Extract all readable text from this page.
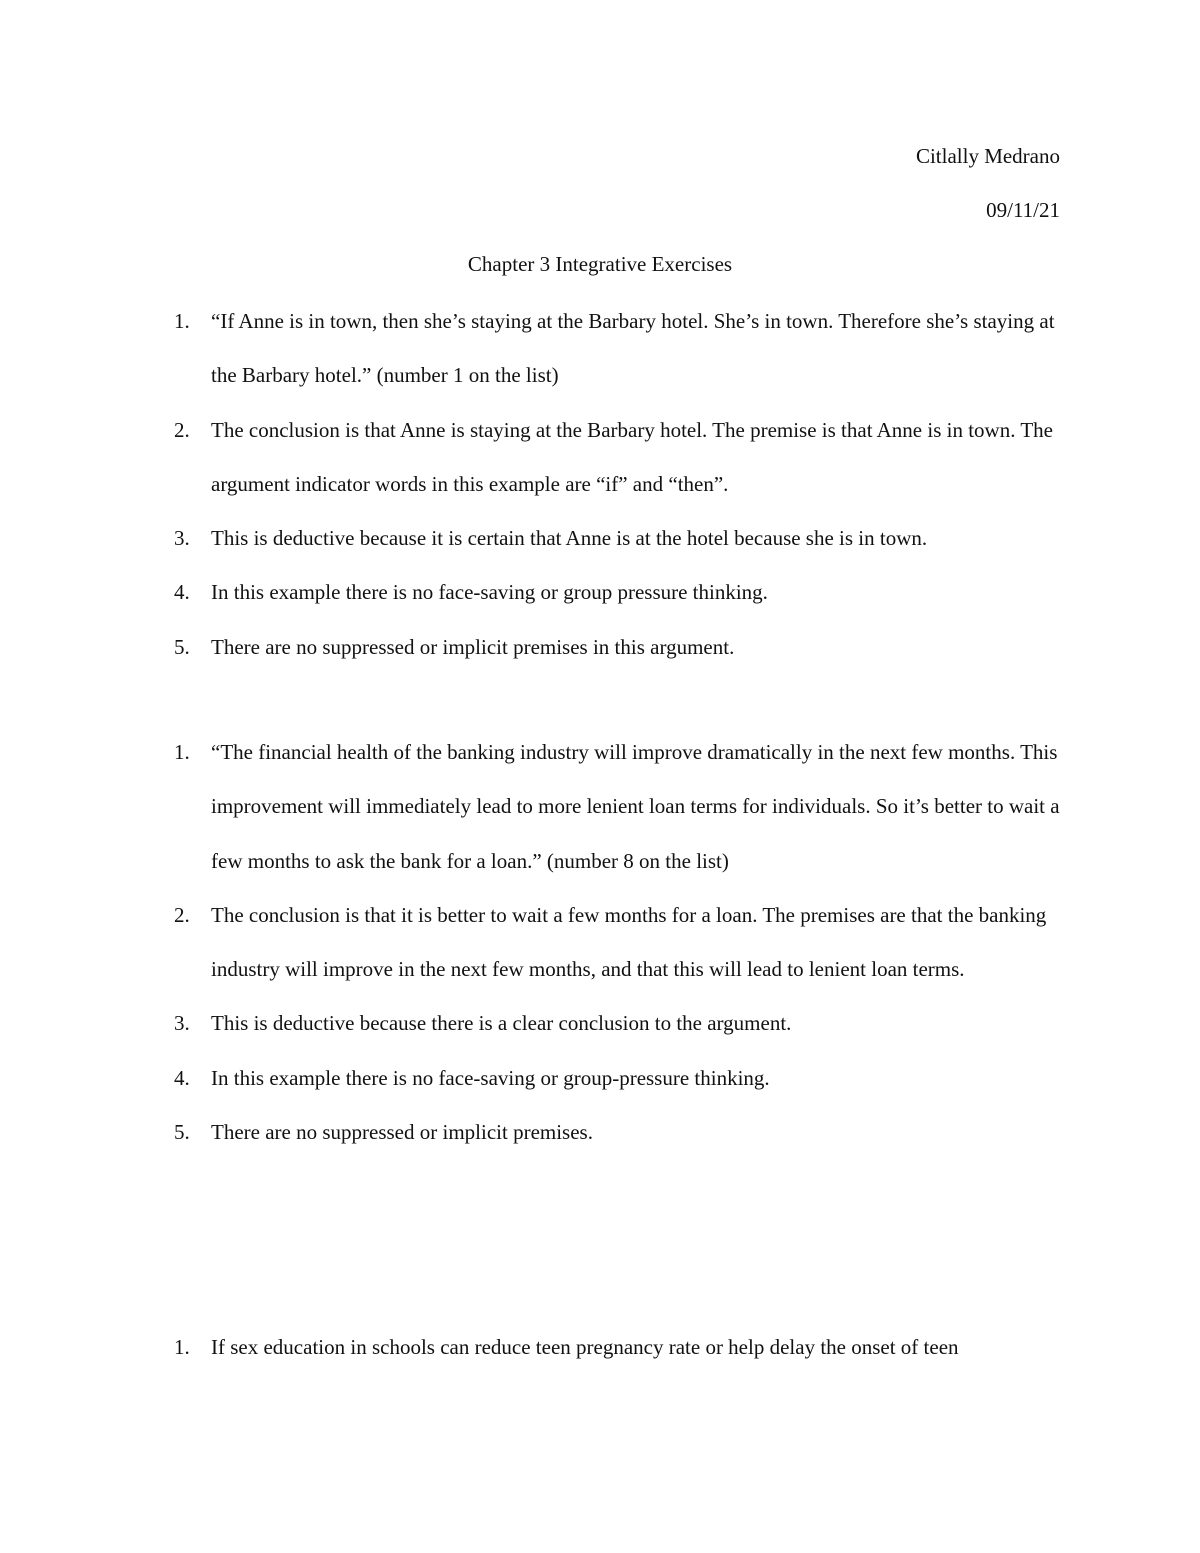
Citlally Medrano
09/11/21
Chapter 3 Integrative Exercises
1. “If Anne is in town, then she’s staying at the Barbary hotel. She’s in town. Therefore she’s staying at the Barbary hotel.” (number 1 on the list)
2. The conclusion is that Anne is staying at the Barbary hotel. The premise is that Anne is in town. The argument indicator words in this example are “if” and “then”.
3. This is deductive because it is certain that Anne is at the hotel because she is in town.
4. In this example there is no face-saving or group pressure thinking.
5. There are no suppressed or implicit premises in this argument.
1. “The financial health of the banking industry will improve dramatically in the next few months. This improvement will immediately lead to more lenient loan terms for individuals. So it’s better to wait a few months to ask the bank for a loan.” (number 8 on the list)
2. The conclusion is that it is better to wait a few months for a loan. The premises are that the banking industry will improve in the next few months, and that this will lead to lenient loan terms.
3. This is deductive because there is a clear conclusion to the argument.
4. In this example there is no face-saving or group-pressure thinking.
5. There are no suppressed or implicit premises.
1. If sex education in schools can reduce teen pregnancy rate or help delay the onset of teen
